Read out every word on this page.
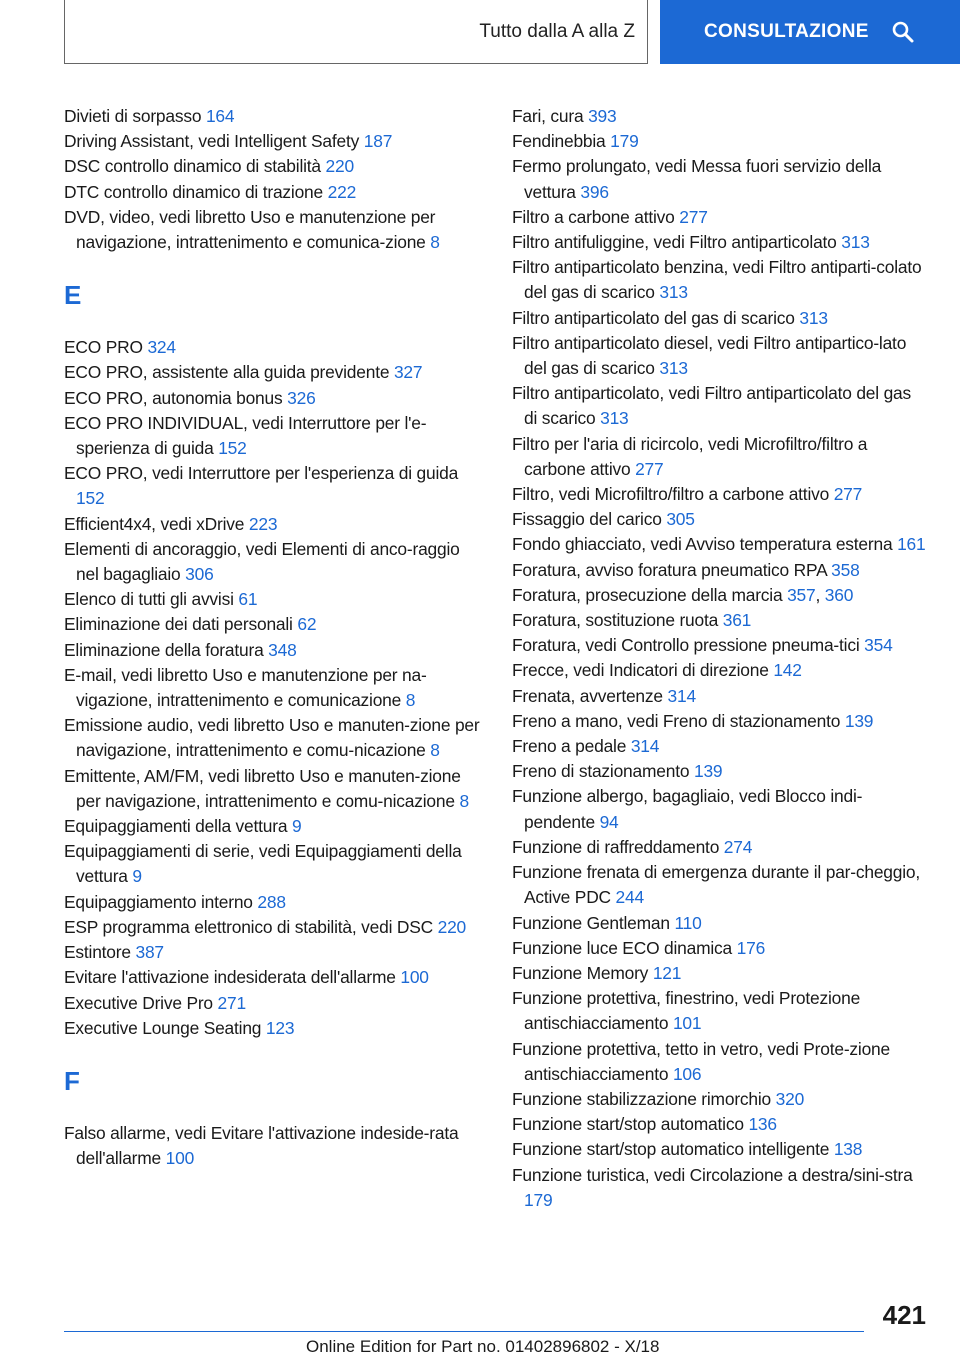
Tutto dalla A alla Z	CONSULTAZIONE
Divieti di sorpasso 164
Driving Assistant, vedi Intelligent Safety 187
DSC controllo dinamico di stabilità 220
DTC controllo dinamico di trazione 222
DVD, video, vedi libretto Uso e manutenzione per navigazione, intrattenimento e comunica-zione 8
E
ECO PRO 324
ECO PRO, assistente alla guida previdente 327
ECO PRO, autonomia bonus 326
ECO PRO INDIVIDUAL, vedi Interruttore per l'e-sperienza di guida 152
ECO PRO, vedi Interruttore per l'esperienza di guida 152
Efficient4x4, vedi xDrive 223
Elementi di ancoraggio, vedi Elementi di anco-raggio nel bagagliaio 306
Elenco di tutti gli avvisi 61
Eliminazione dei dati personali 62
Eliminazione della foratura 348
E-mail, vedi libretto Uso e manutenzione per na-vigazione, intrattenimento e comunicazione 8
Emissione audio, vedi libretto Uso e manuten-zione per navigazione, intrattenimento e comu-nicazione 8
Emittente, AM/FM, vedi libretto Uso e manuten-zione per navigazione, intrattenimento e comu-nicazione 8
Equipaggiamenti della vettura 9
Equipaggiamenti di serie, vedi Equipaggiamenti della vettura 9
Equipaggiamento interno 288
ESP programma elettronico di stabilità, vedi DSC 220
Estintore 387
Evitare l'attivazione indesiderata dell'allarme 100
Executive Drive Pro 271
Executive Lounge Seating 123
F
Falso allarme, vedi Evitare l'attivazione indeside-rata dell'allarme 100
Fari, cura 393
Fendinebbia 179
Fermo prolungato, vedi Messa fuori servizio della vettura 396
Filtro a carbone attivo 277
Filtro antifuliggine, vedi Filtro antiparticolato 313
Filtro antiparticolato benzina, vedi Filtro antiparti-colato del gas di scarico 313
Filtro antiparticolato del gas di scarico 313
Filtro antiparticolato diesel, vedi Filtro antipartico-lato del gas di scarico 313
Filtro antiparticolato, vedi Filtro antiparticolato del gas di scarico 313
Filtro per l'aria di ricircolo, vedi Microfiltro/filtro a carbone attivo 277
Filtro, vedi Microfiltro/filtro a carbone attivo 277
Fissaggio del carico 305
Fondo ghiacciato, vedi Avviso temperatura esterna 161
Foratura, avviso foratura pneumatico RPA 358
Foratura, prosecuzione della marcia 357, 360
Foratura, sostituzione ruota 361
Foratura, vedi Controllo pressione pneuma-tici 354
Frecce, vedi Indicatori di direzione 142
Frenata, avvertenze 314
Freno a mano, vedi Freno di stazionamento 139
Freno a pedale 314
Freno di stazionamento 139
Funzione albergo, bagagliaio, vedi Blocco indi-pendente 94
Funzione di raffreddamento 274
Funzione frenata di emergenza durante il par-cheggio, Active PDC 244
Funzione Gentleman 110
Funzione luce ECO dinamica 176
Funzione Memory 121
Funzione protettiva, finestrino, vedi Protezione antischiacciamento 101
Funzione protettiva, tetto in vetro, vedi Prote-zione antischiacciamento 106
Funzione stabilizzazione rimorchio 320
Funzione start/stop automatico 136
Funzione start/stop automatico intelligente 138
Funzione turistica, vedi Circolazione a destra/sini-stra 179
421
Online Edition for Part no. 01402896802 - X/18
